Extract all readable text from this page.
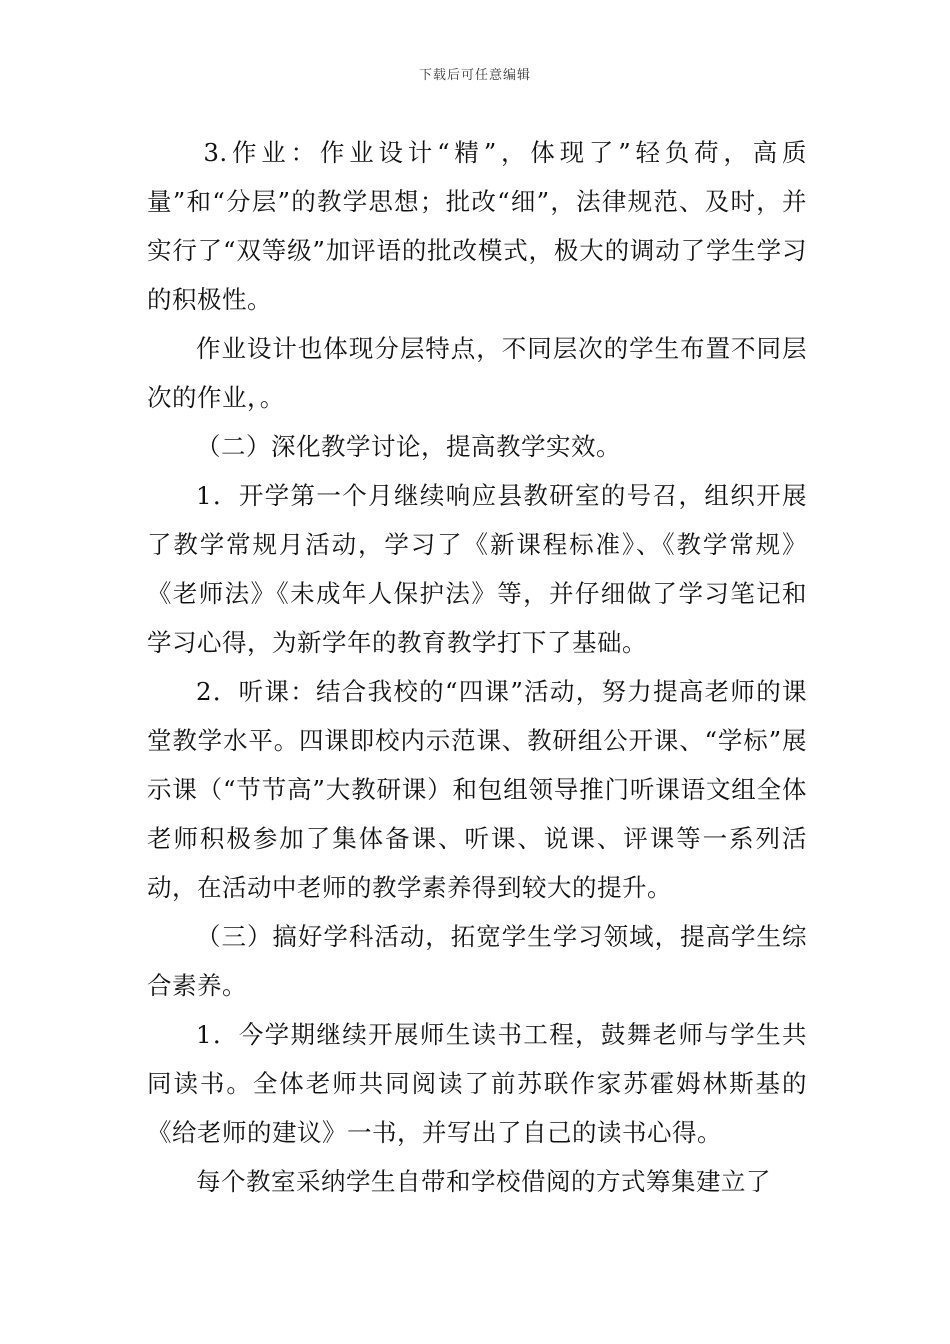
下载后可任意编辑

3.作业：作业设计“精”，体现了”轻负荷，高质量”和“分层”的教学思想；批改“细”，法律规范、及时，并实行了“双等级”加评语的批改模式，极大的调动了学生学习的积极性。

作业设计也体现分层特点，不同层次的学生布置不同层次的作业，。

（二）深化教学讨论，提高教学实效。

1．开学第一个月继续响应县教研室的号召，组织开展了教学常规月活动，学习了《新课程标准》、《教学常规》《老师法》《未成年人保护法》等，并仔细做了学习笔记和学习心得，为新学年的教育教学打下了基础。

2．听课：结合我校的“四课”活动，努力提高老师的课堂教学水平。四课即校内示范课、教研组公开课、“学标”展示课（“节节高”大教研课）和包组领导推门听课语文组全体老师积极参加了集体备课、听课、说课、评课等一系列活动，在活动中老师的教学素养得到较大的提升。

（三）搞好学科活动，拓宽学生学习领域，提高学生综合素养。

1．今学期继续开展师生读书工程，鼓舞老师与学生共同读书。全体老师共同阅读了前苏联作家苏霍姆林斯基的《给老师的建议》一书，并写出了自己的读书心得。

每个教室采纳学生自带和学校借阅的方式筹集建立了
